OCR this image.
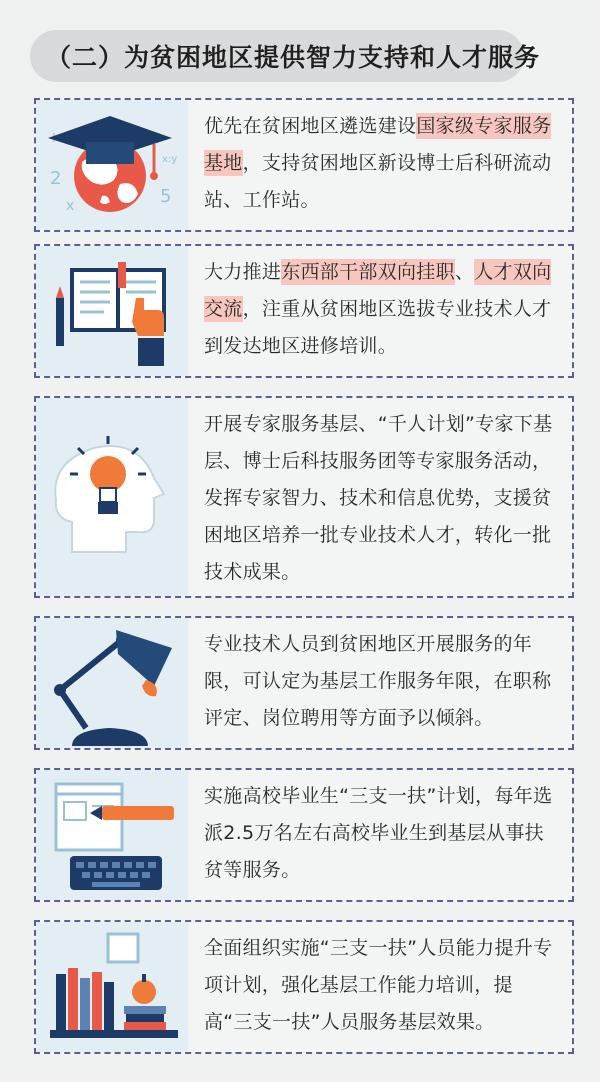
（二）为贫困地区提供智力支持和人才服务
2
x	5
x:y
优先在贫困地区遴选建设国家级专家服务基地，支持贫困地区新设博士后科研流动站、工作站。
大力推进东西部干部双向挂职、人才双向交流，注重从贫困地区选拔专业技术人才到发达地区进修培训。
开展专家服务基层、“千人计划”专家下基层、博士后科技服务团等专家服务活动，发挥专家智力、技术和信息优势，支援贫困地区培养一批专业技术人才，转化一批技术成果。
专业技术人员到贫困地区开展服务的年限，可认定为基层工作服务年限，在职称评定、岗位聘用等方面予以倾斜。
实施高校毕业生“三支一扶”计划，每年选派2.5万名左右高校毕业生到基层从事扶贫等服务。
全面组织实施“三支一扶”人员能力提升专项计划，强化基层工作能力培训，提高“三支一扶”人员服务基层效果。
